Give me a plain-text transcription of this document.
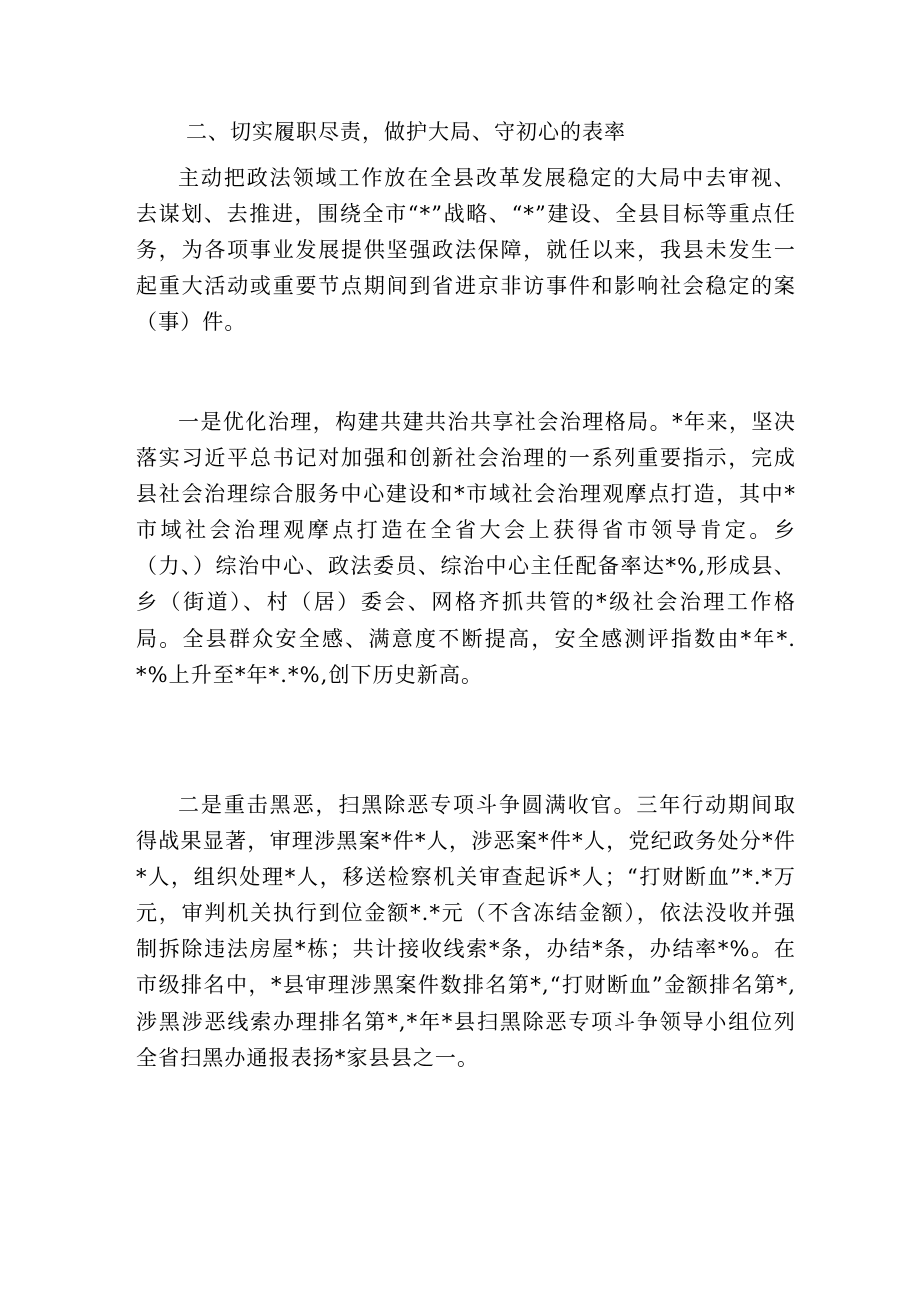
二、切实履职尽责，做护大局、守初心的表率

主动把政法领域工作放在全县改革发展稳定的大局中去审视、去谋划、去推进，围绕全市“*”战略、“*”建设、全县目标等重点任务，为各项事业发展提供坚强政法保障，就任以来，我县未发生一起重大活动或重要节点期间到省进京非访事件和影响社会稳定的案（事）件。

一是优化治理，构建共建共治共享社会治理格局。*年来，坚决落实习近平总书记对加强和创新社会治理的一系列重要指示，完成县社会治理综合服务中心建设和*市域社会治理观摩点打造，其中*市域社会治理观摩点打造在全省大会上获得省市领导肯定。乡（力、）综治中心、政法委员、综治中心主任配备率达*%,形成县、乡（街道）、村（居）委会、网格齐抓共管的*级社会治理工作格局。全县群众安全感、满意度不断提高，安全感测评指数由*年*.*%上升至*年*.*%,创下历史新高。

二是重击黑恶，扫黑除恶专项斗争圆满收官。三年行动期间取得战果显著，审理涉黑案*件*人，涉恶案*件*人，党纪政务处分*件*人，组织处理*人，移送检察机关审查起诉*人；“打财断血”*.*万元，审判机关执行到位金额*.*元（不含冻结金额），依法没收并强制拆除违法房屋*栋；共计接收线索*条，办结*条，办结率*%。在市级排名中，*县审理涉黑案件数排名第*,“打财断血”金额排名第*,涉黑涉恶线索办理排名第*,*年*县扫黑除恶专项斗争领导小组位列全省扫黑办通报表扬*家县县之一。
